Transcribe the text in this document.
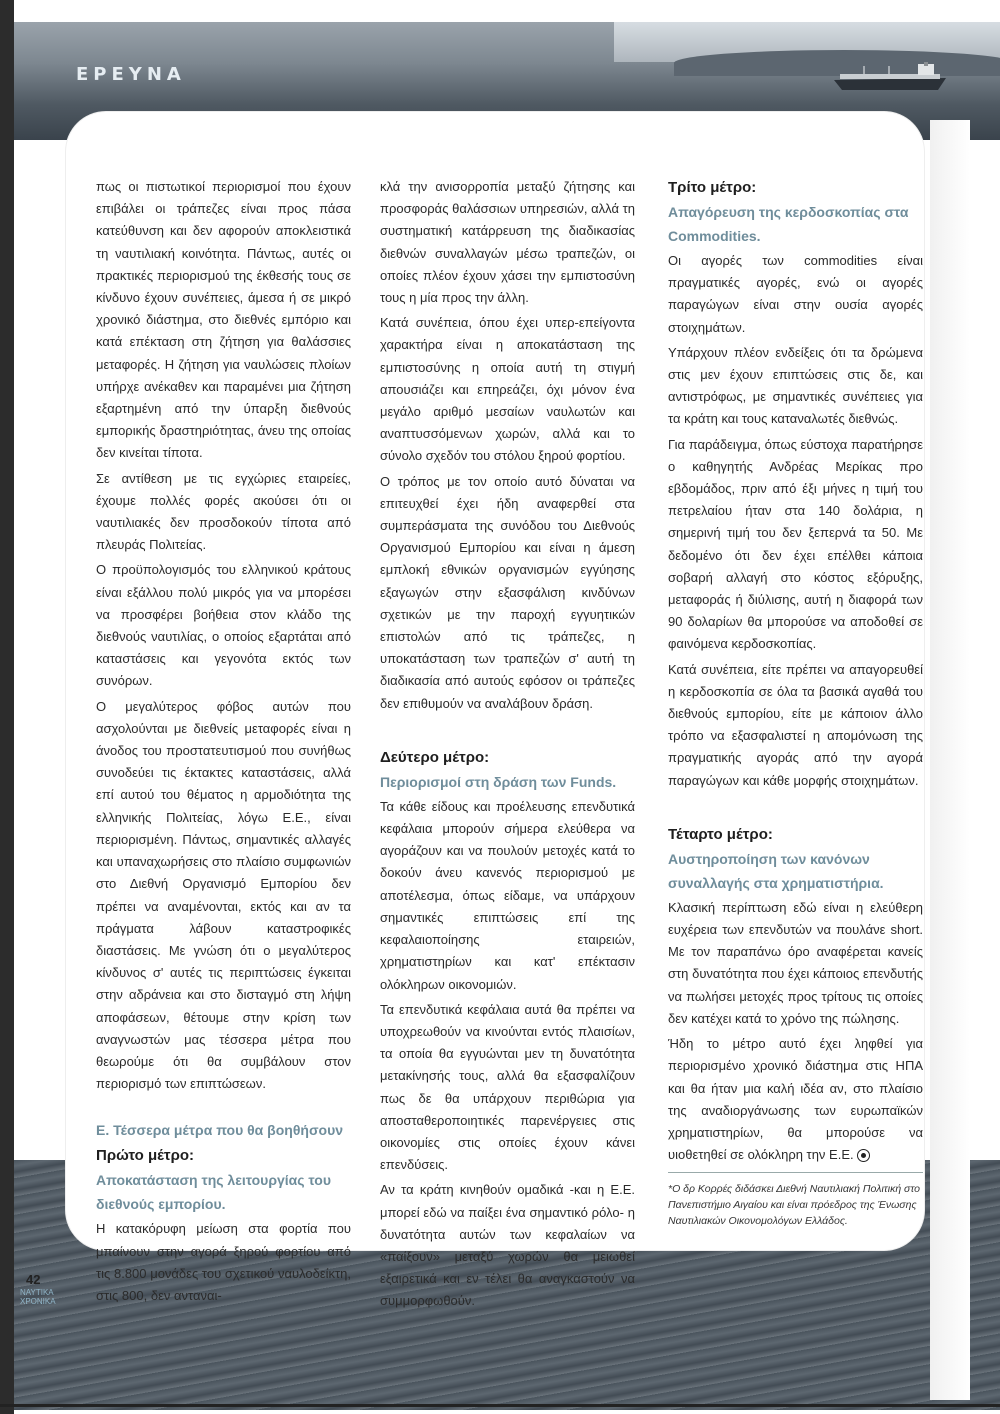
ΕΡΕΥΝΑ

πως οι πιστωτικοί περιορισμοί που έχουν επιβάλει οι τράπεζες είναι προς πάσα κατεύθυνση και δεν αφορούν αποκλειστικά τη ναυτιλιακή κοινότητα. Πάντως, αυτές οι πρακτικές περιορισμού της έκθεσής τους σε κίνδυνο έχουν συνέπειες, άμεσα ή σε μικρό χρονικό διάστημα, στο διεθνές εμπόριο και κατά επέκταση στη ζήτηση για θαλάσσιες μεταφορές. Η ζήτηση για ναυλώσεις πλοίων υπήρχε ανέκαθεν και παραμένει μια ζήτηση εξαρτημένη από την ύπαρξη διεθνούς εμπορικής δραστηριότητας, άνευ της οποίας δεν κινείται τίποτα.

Σε αντίθεση με τις εγχώριες εταιρείες, έχουμε πολλές φορές ακούσει ότι οι ναυτιλιακές δεν προσδοκούν τίποτα από πλευράς Πολιτείας.

Ο προϋπολογισμός του ελληνικού κράτους είναι εξάλλου πολύ μικρός για να μπορέσει να προσφέρει βοήθεια στον κλάδο της διεθνούς ναυτιλίας, ο οποίος εξαρτάται από καταστάσεις και γεγονότα εκτός των συνόρων.

Ο μεγαλύτερος φόβος αυτών που ασχολούνται με διεθνείς μεταφορές είναι η άνοδος του προστατευτισμού που συνήθως συνοδεύει τις έκτακτες καταστάσεις, αλλά επί αυτού του θέματος η αρμοδιότητα της ελληνικής Πολιτείας, λόγω Ε.Ε., είναι περιορισμένη. Πάντως, σημαντικές αλλαγές και υπαναχωρήσεις στο πλαίσιο συμφωνιών στο Διεθνή Οργανισμό Εμπορίου δεν πρέπει να αναμένονται, εκτός και αν τα πράγματα λάβουν καταστροφικές διαστάσεις. Με γνώση ότι ο μεγαλύτερος κίνδυνος σ' αυτές τις περιπτώσεις έγκειται στην αδράνεια και στο δισταγμό στη λήψη αποφάσεων, θέτουμε στην κρίση των αναγνωστών μας τέσσερα μέτρα που θεωρούμε ότι θα συμβάλουν στον περιορισμό των επιπτώσεων.

Ε. Τέσσερα μέτρα που θα βοηθήσουν
Πρώτο μέτρο:
Αποκατάσταση της λειτουργίας του διεθνούς εμπορίου.

Η κατακόρυφη μείωση στα φορτία που μπαίνουν στην αγορά ξηρού φορτίου από τις 8.800 μονάδες του σχετικού ναυλοδείκτη, στις 800, δεν ανταναι-

κλά την ανισορροπία μεταξύ ζήτησης και προσφοράς θαλάσσιων υπηρεσιών, αλλά τη συστηματική κατάρρευση της διαδικασίας διεθνών συναλλαγών μέσω τραπεζών, οι οποίες πλέον έχουν χάσει την εμπιστοσύνη τους η μία προς την άλλη.

Κατά συνέπεια, όπου έχει υπερ-επείγοντα χαρακτήρα είναι η αποκατάσταση της εμπιστοσύνης η οποία αυτή τη στιγμή απουσιάζει και επηρεάζει, όχι μόνον ένα μεγάλο αριθμό μεσαίων ναυλωτών και αναπτυσσόμενων χωρών, αλλά και το σύνολο σχεδόν του στόλου ξηρού φορτίου.

Ο τρόπος με τον οποίο αυτό δύναται να επιτευχθεί έχει ήδη αναφερθεί στα συμπεράσματα της συνόδου του Διεθνούς Οργανισμού Εμπορίου και είναι η άμεση εμπλοκή εθνικών οργανισμών εγγύησης εξαγωγών στην εξασφάλιση κινδύνων σχετικών με την παροχή εγγυητικών επιστολών από τις τράπεζες, η υποκατάσταση των τραπεζών σ' αυτή τη διαδικασία από αυτούς εφόσον οι τράπεζες δεν επιθυμούν να αναλάβουν δράση.

Δεύτερο μέτρο:
Περιορισμοί στη δράση των Funds.

Τα κάθε είδους και προέλευσης επενδυτικά κεφάλαια μπορούν σήμερα ελεύθερα να αγοράζουν και να πουλούν μετοχές κατά το δοκούν άνευ κανενός περιορισμού με αποτέλεσμα, όπως είδαμε, να υπάρχουν σημαντικές επιπτώσεις επί της κεφαλαιοποίησης εταιρειών, χρηματιστηρίων και κατ' επέκτασιν ολόκληρων οικονομιών.

Τα επενδυτικά κεφάλαια αυτά θα πρέπει να υποχρεωθούν να κινούνται εντός πλαισίων, τα οποία θα εγγυώνται μεν τη δυνατότητα μετακίνησής τους, αλλά θα εξασφαλίζουν πως δε θα υπάρχουν περιθώρια για αποσταθεροποιητικές παρενέργειες στις οικονομίες στις οποίες έχουν κάνει επενδύσεις.

Αν τα κράτη κινηθούν ομαδικά -και η Ε.Ε. μπορεί εδώ να παίξει ένα σημαντικό ρόλο- η δυνατότητα αυτών των κεφαλαίων να «παίξουν» μεταξύ χωρών θα μειωθεί εξαιρετικά και εν τέλει θα αναγκαστούν να συμμορφωθούν.

Τρίτο μέτρο:
Απαγόρευση της κερδοσκοπίας στα Commodities.

Οι αγορές των commodities είναι πραγματικές αγορές, ενώ οι αγορές παραγώγων είναι στην ουσία αγορές στοιχημάτων.

Υπάρχουν πλέον ενδείξεις ότι τα δρώμενα στις μεν έχουν επιπτώσεις στις δε, και αντιστρόφως, με σημαντικές συνέπειες για τα κράτη και τους καταναλωτές διεθνώς.

Για παράδειγμα, όπως εύστοχα παρατήρησε ο καθηγητής Ανδρέας Μερίκας προ εβδομάδος, πριν από έξι μήνες η τιμή του πετρελαίου ήταν στα 140 δολάρια, η σημερινή τιμή του δεν ξεπερνά τα 50. Με δεδομένο ότι δεν έχει επέλθει κάποια σοβαρή αλλαγή στο κόστος εξόρυξης, μεταφοράς ή διύλισης, αυτή η διαφορά των 90 δολαρίων θα μπορούσε να αποδοθεί σε φαινόμενα κερδοσκοπίας.

Κατά συνέπεια, είτε πρέπει να απαγορευθεί η κερδοσκοπία σε όλα τα βασικά αγαθά του διεθνούς εμπορίου, είτε με κάποιον άλλο τρόπο να εξασφαλιστεί η απομόνωση της πραγματικής αγοράς από την αγορά παραγώγων και κάθε μορφής στοιχημάτων.

Τέταρτο μέτρο:
Αυστηροποίηση των κανόνων συναλλαγής στα χρηματιστήρια.

Κλασική περίπτωση εδώ είναι η ελεύθερη ευχέρεια των επενδυτών να πουλάνε short. Με τον παραπάνω όρο αναφέρεται κανείς στη δυνατότητα που έχει κάποιος επενδυτής να πωλήσει μετοχές προς τρίτους τις οποίες δεν κατέχει κατά το χρόνο της πώλησης.

Ήδη το μέτρο αυτό έχει ληφθεί για περιορισμένο χρονικό διάστημα στις ΗΠΑ και θα ήταν μια καλή ιδέα αν, στο πλαίσιο της αναδιοργάνωσης των ευρωπαϊκών χρηματιστηρίων, θα μπορούσε να υιοθετηθεί σε ολόκληρη την Ε.Ε.

*Ο δρ Κορρές διδάσκει Διεθνή Ναυτιλιακή Πολιτική στο Πανεπιστήμιο Αιγαίου και είναι πρόεδρος της Ένωσης Ναυτιλιακών Οικονομολόγων Ελλάδος.
42
ΝΑΥΤΙΚΑ
ΧΡΟΝΙΚΑ
